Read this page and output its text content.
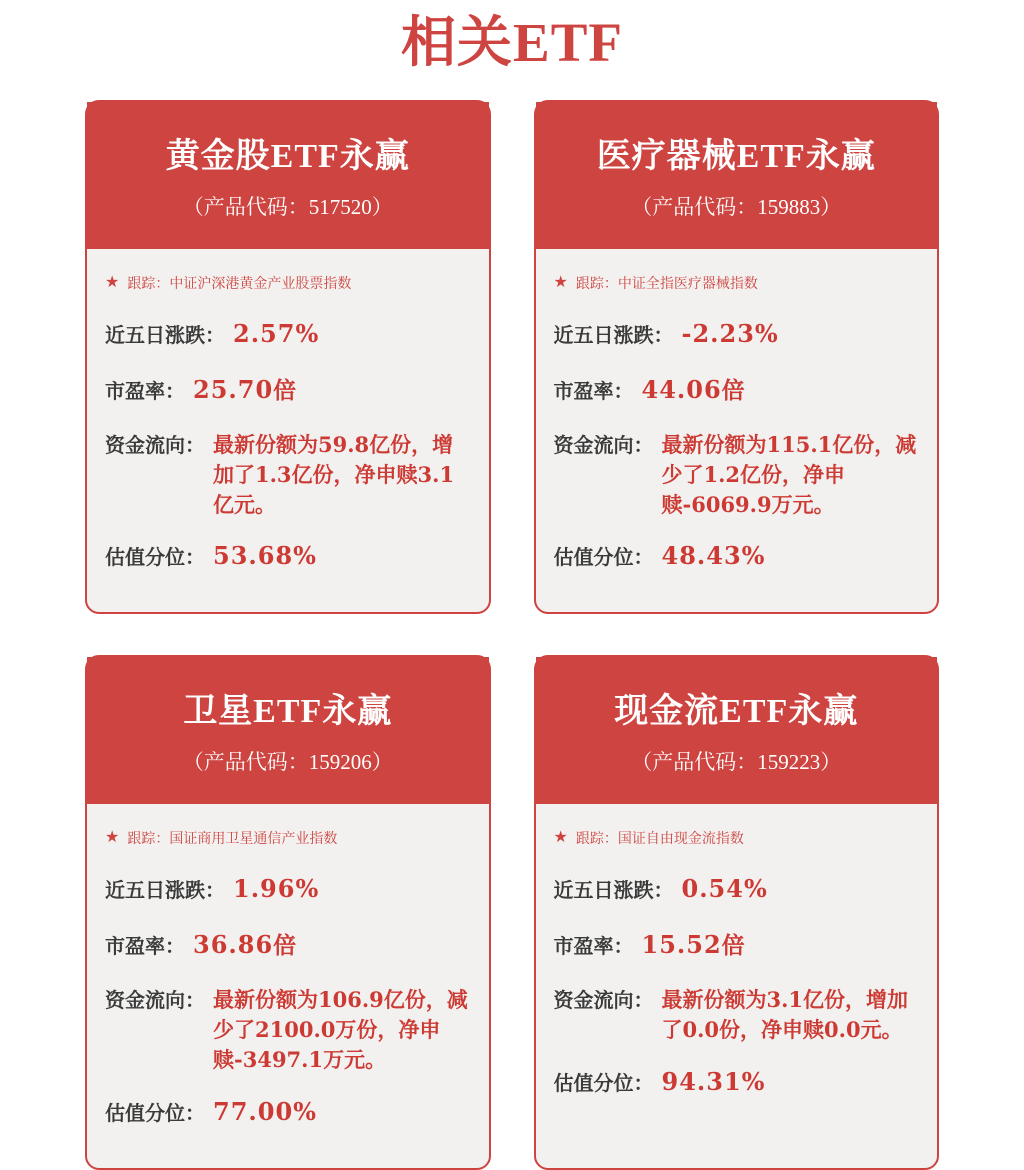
相关ETF
黄金股ETF永赢
（产品代码：517520）
★ 跟踪： 中证沪深港黄金产业股票指数
近五日涨跌： 2.57%
市盈率： 25.70 倍
资金流向： 最新份额为59.8亿份，增加了1.3亿份，净申赎3.1亿元。
估值分位： 53.68%
医疗器械ETF永赢
（产品代码：159883）
★ 跟踪： 中证全指医疗器械指数
近五日涨跌： -2.23%
市盈率： 44.06 倍
资金流向： 最新份额为115.1亿份，减少了1.2亿份，净申赎-6069.9万元。
估值分位： 48.43%
卫星ETF永赢
（产品代码：159206）
★ 跟踪： 国证商用卫星通信产业指数
近五日涨跌： 1.96%
市盈率： 36.86 倍
资金流向： 最新份额为106.9亿份，减少了2100.0万份，净申赎-3497.1万元。
估值分位： 77.00%
现金流ETF永赢
（产品代码：159223）
★ 跟踪： 国证自由现金流指数
近五日涨跌： 0.54%
市盈率： 15.52 倍
资金流向： 最新份额为3.1亿份，增加了0.0份，净申赎0.0元。
估值分位： 94.31%
